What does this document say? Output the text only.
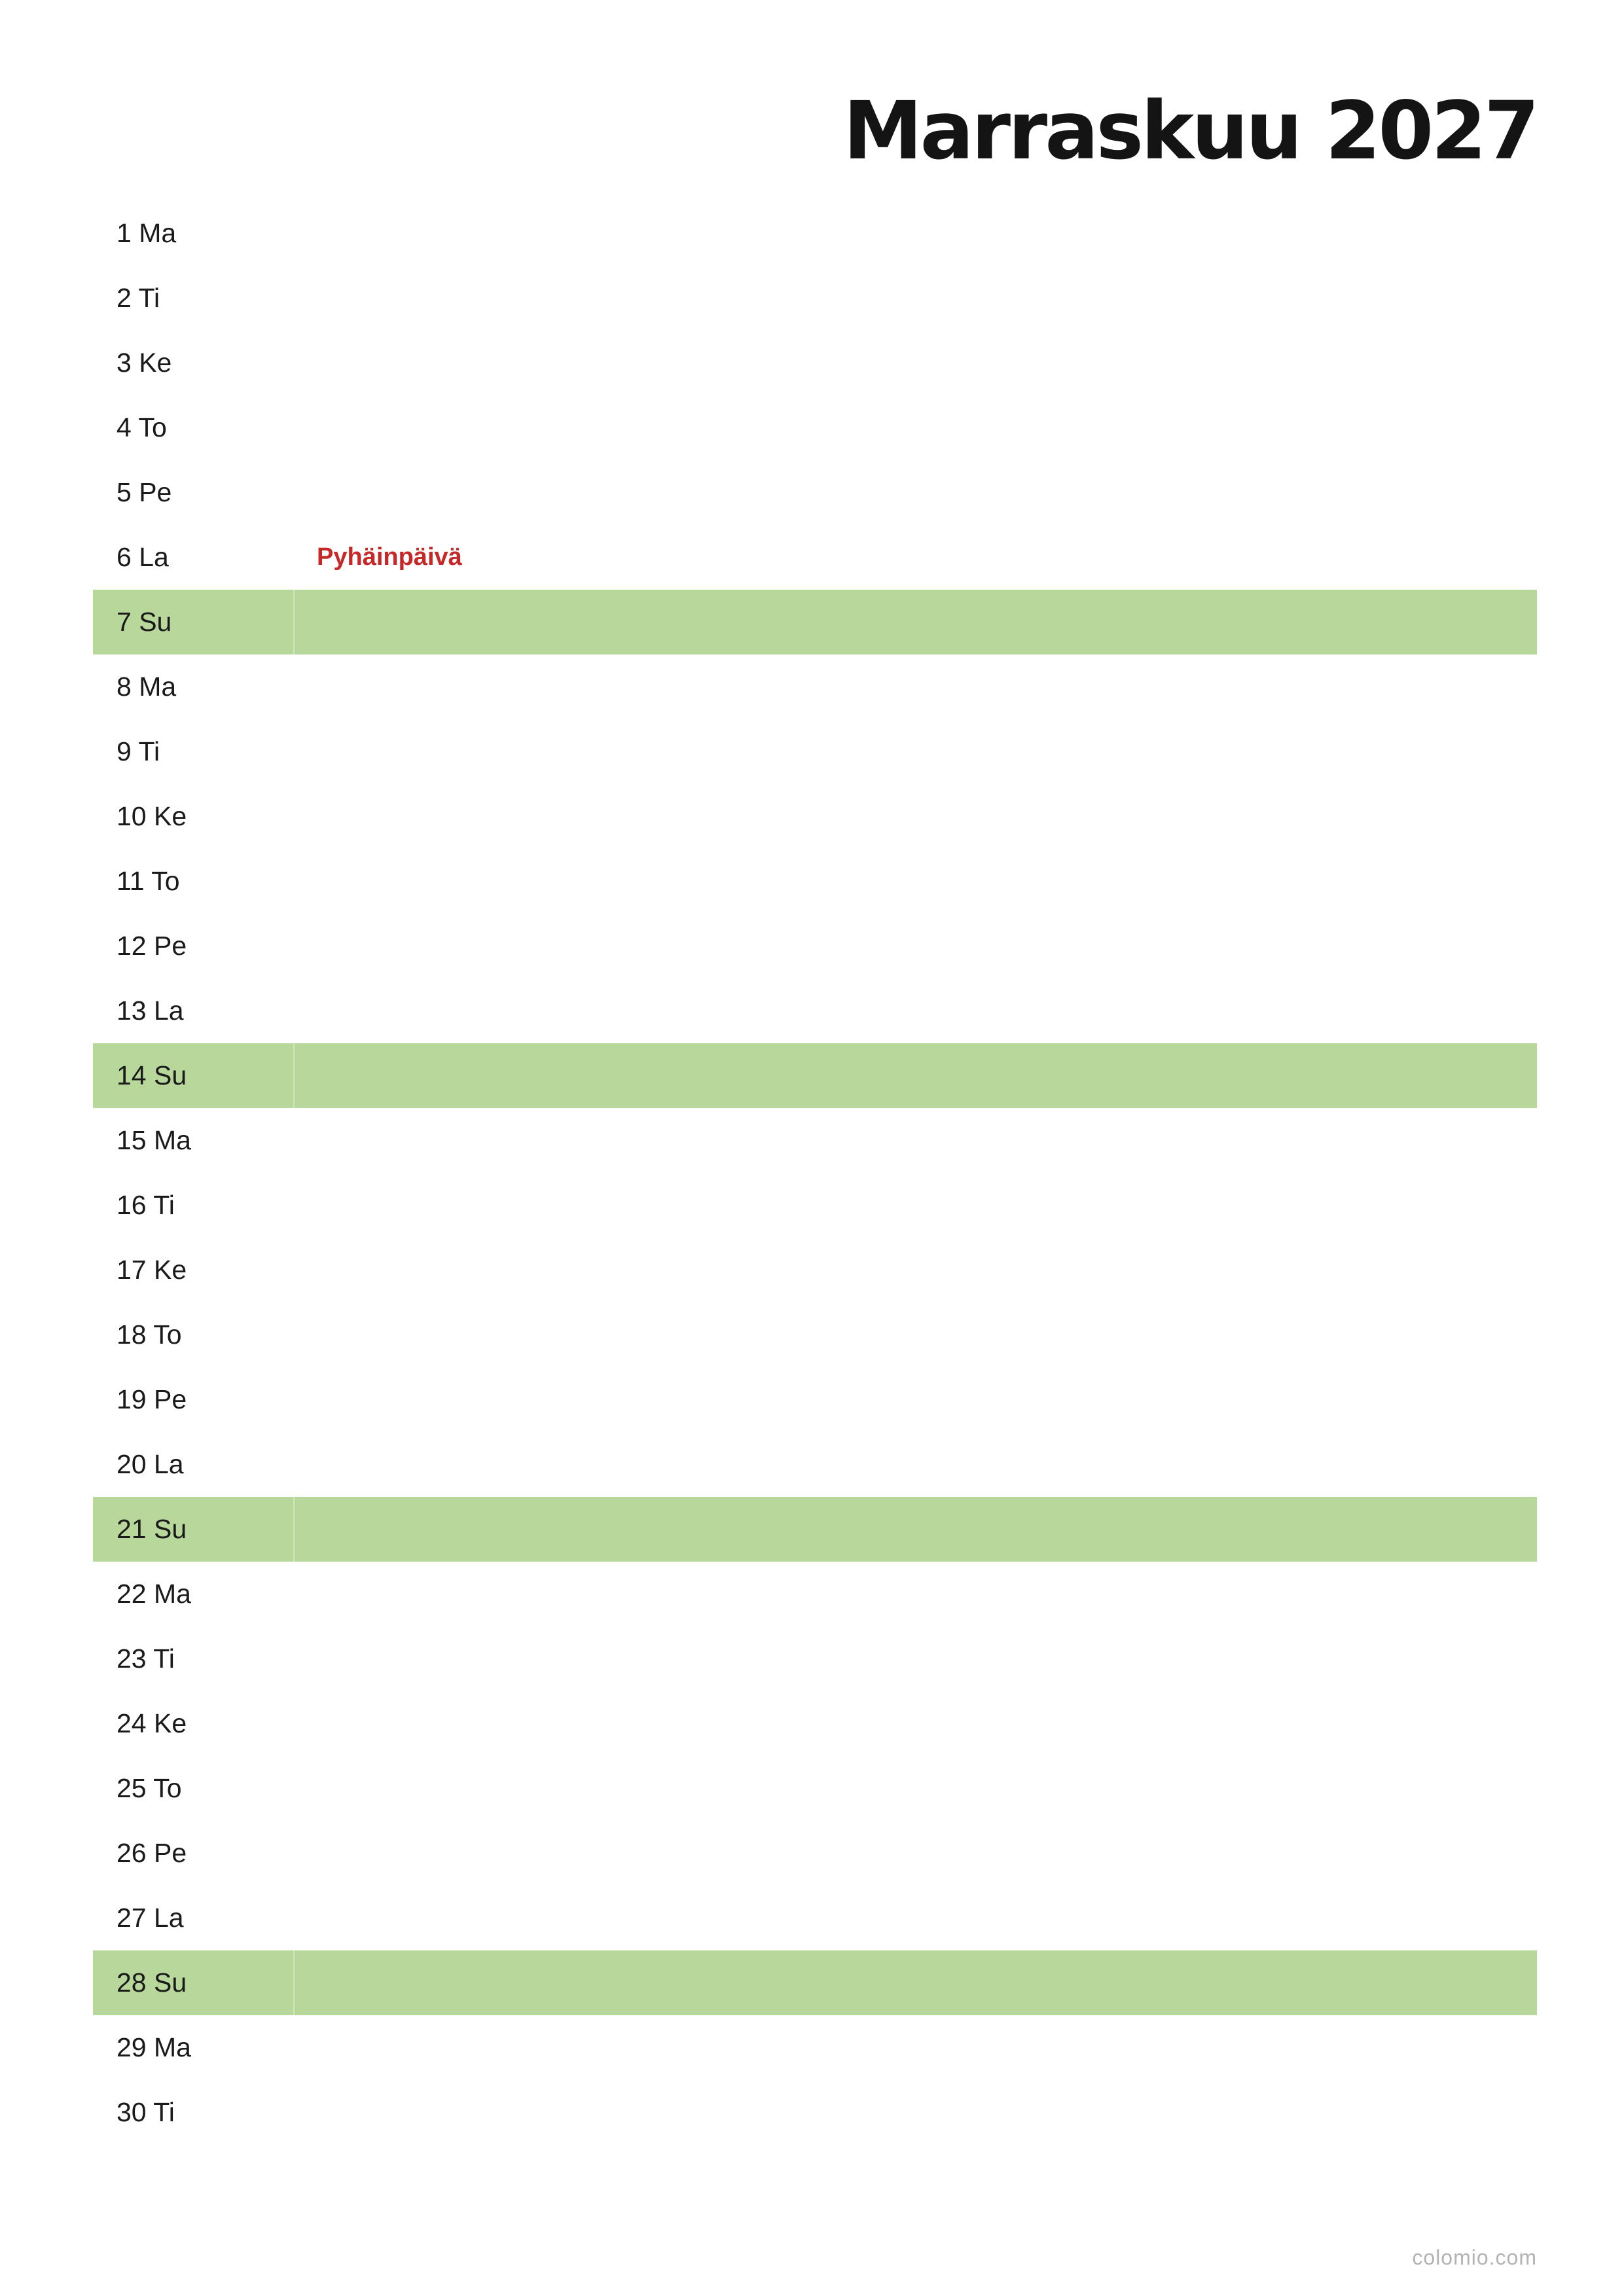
Marraskuu 2027
1 Ma
2 Ti
3 Ke
4 To
5 Pe
6 La	Pyhäinpäivä
7 Su
8 Ma
9 Ti
10 Ke
11 To
12 Pe
13 La
14 Su
15 Ma
16 Ti
17 Ke
18 To
19 Pe
20 La
21 Su
22 Ma
23 Ti
24 Ke
25 To
26 Pe
27 La
28 Su
29 Ma
30 Ti
colomio.com
